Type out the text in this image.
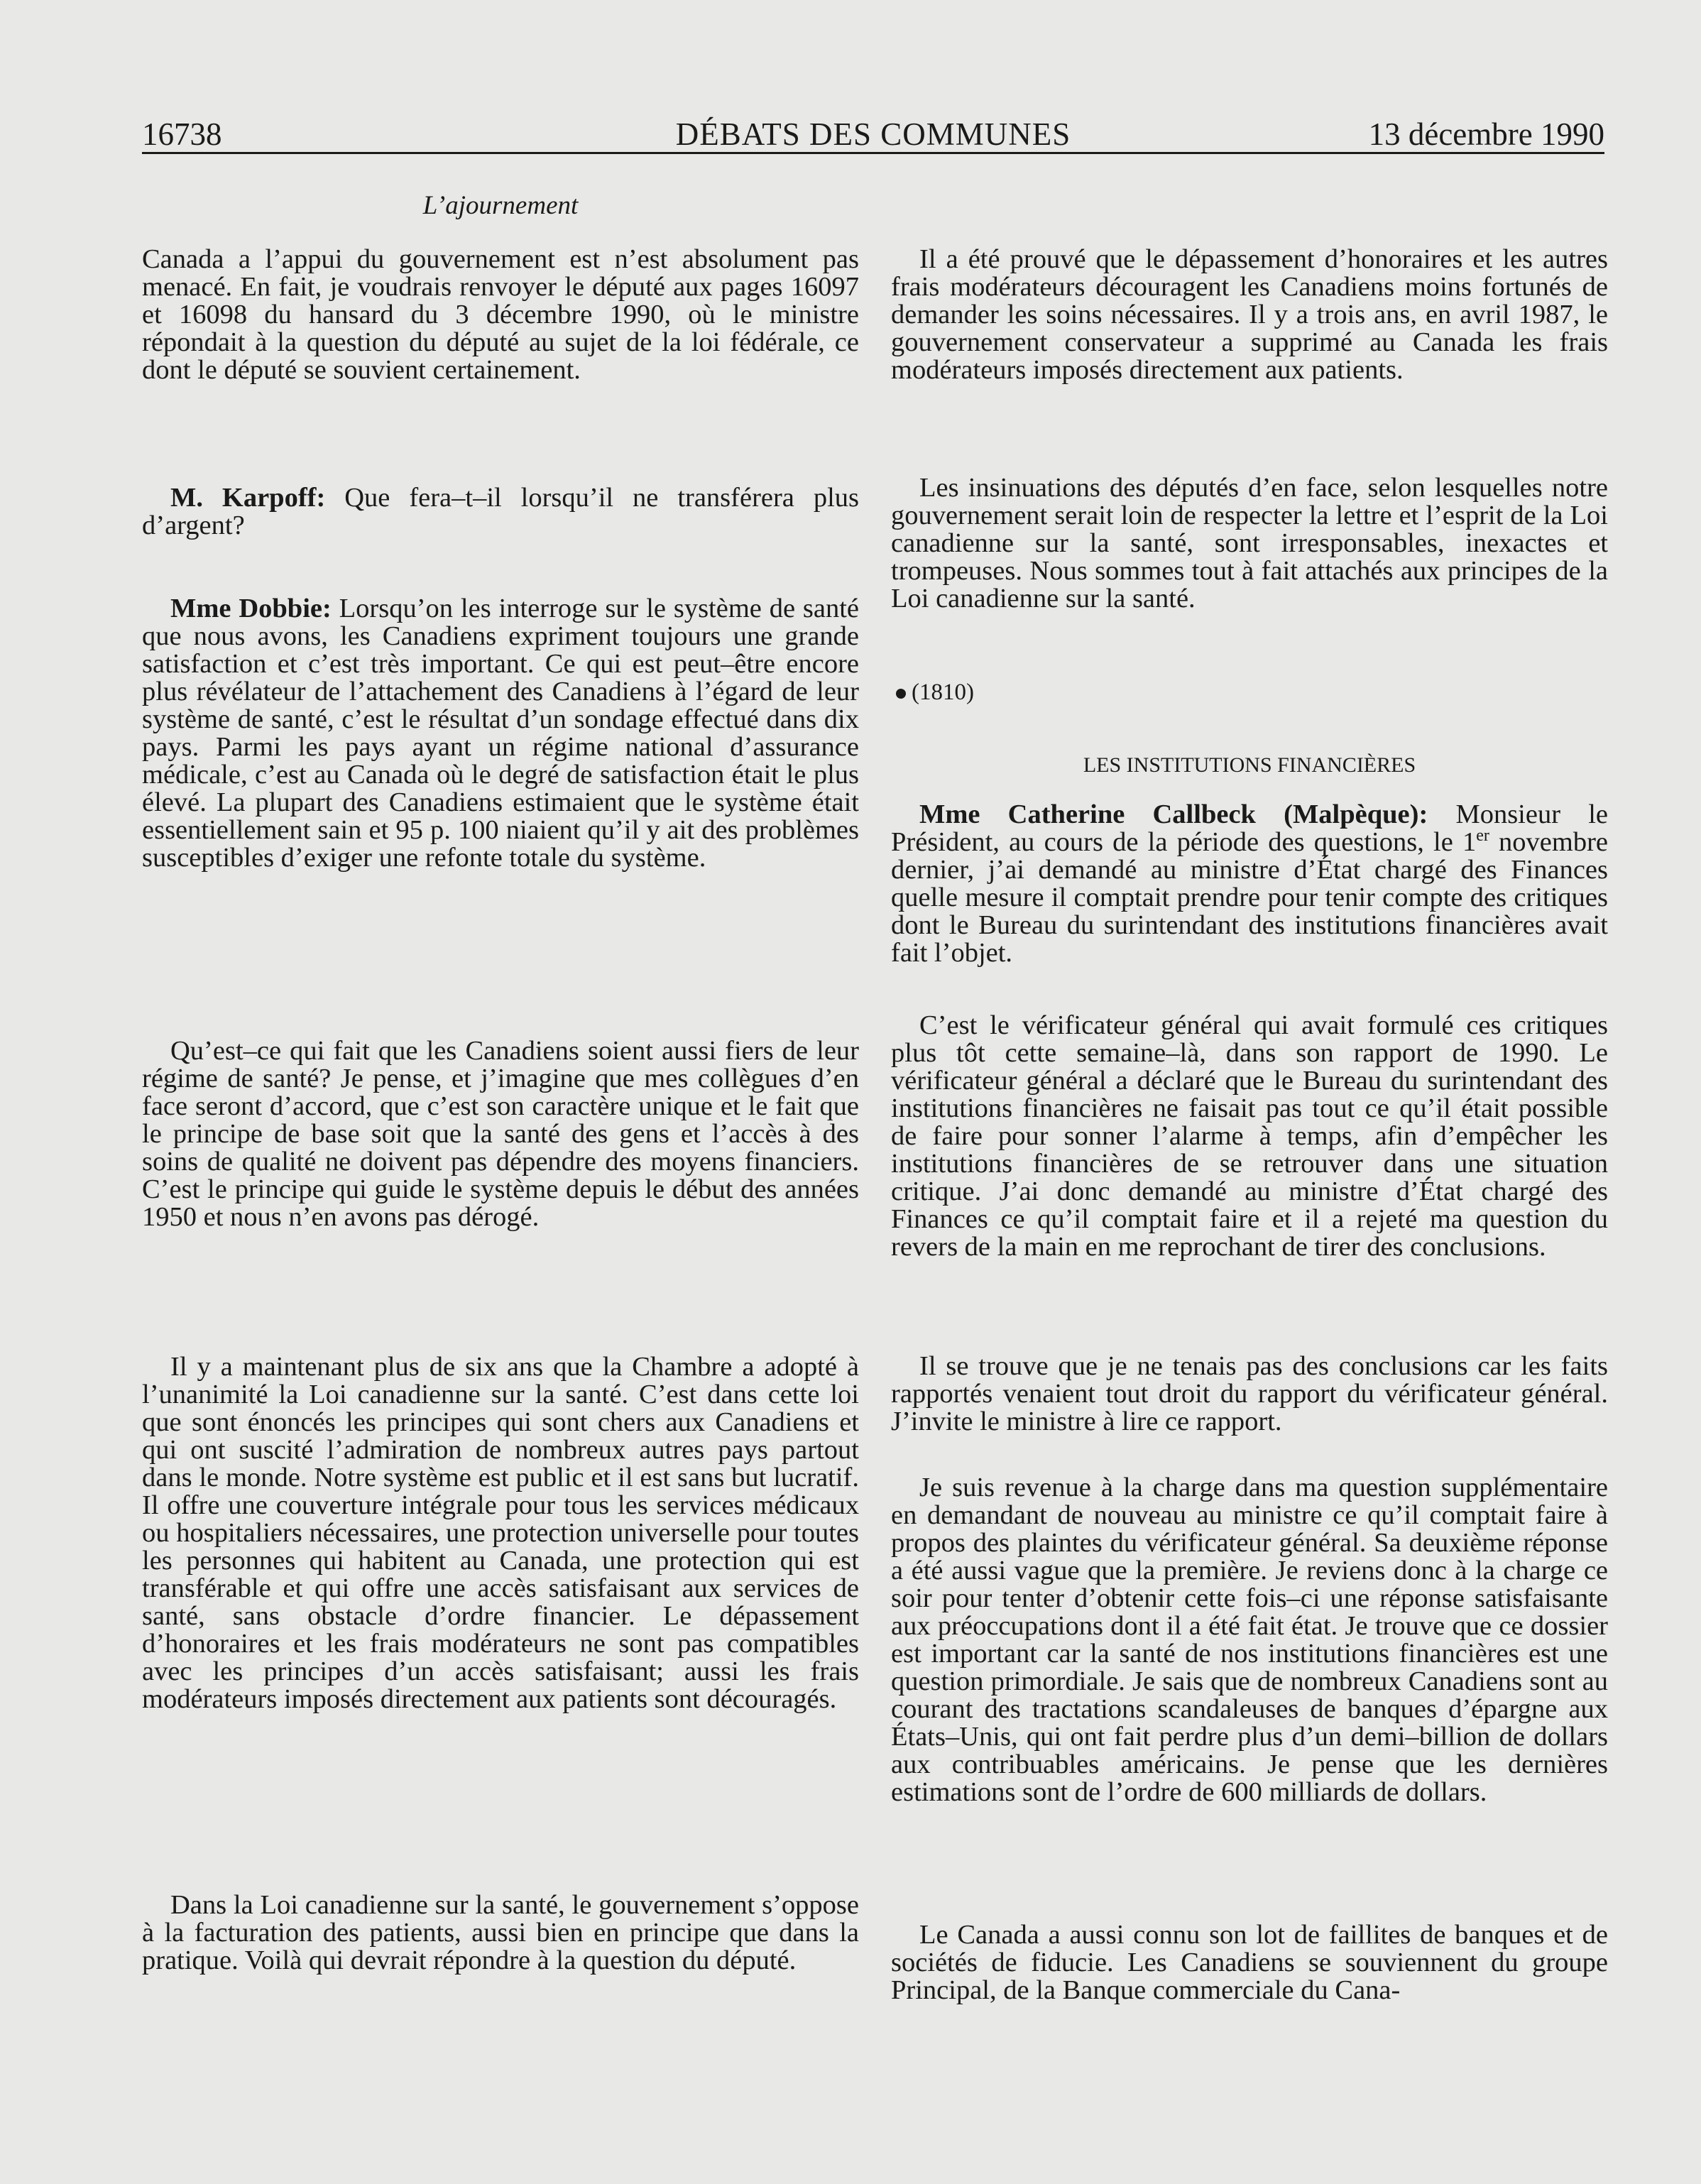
16738	DÉBATS DES COMMUNES	13 décembre 1990
L’ajournement

Canada a l’appui du gouvernement est n’est absolument pas menacé. En fait, je voudrais renvoyer le député aux pages 16097 et 16098 du hansard du 3 décembre 1990, où le ministre répondait à la question du député au sujet de la loi fédérale, ce dont le député se souvient certainement.

M. Karpoff: Que fera–t–il lorsqu’il ne transférera plus d’argent?

Mme Dobbie: Lorsqu’on les interroge sur le système de santé que nous avons, les Canadiens expriment toujours une grande satisfaction et c’est très important. Ce qui est peut–être encore plus révélateur de l’attachement des Canadiens à l’égard de leur système de santé, c’est le résultat d’un sondage effectué dans dix pays. Parmi les pays ayant un régime national d’assurance médicale, c’est au Canada où le degré de satisfaction était le plus élevé. La plupart des Canadiens estimaient que le système était essentiellement sain et 95 p. 100 niaient qu’il y ait des problèmes susceptibles d’exiger une refonte totale du système.

Qu’est–ce qui fait que les Canadiens soient aussi fiers de leur régime de santé? Je pense, et j’imagine que mes collègues d’en face seront d’accord, que c’est son caractère unique et le fait que le principe de base soit que la santé des gens et l’accès à des soins de qualité ne doivent pas dépendre des moyens financiers. C’est le principe qui guide le système depuis le début des années 1950 et nous n’en avons pas dérogé.

Il y a maintenant plus de six ans que la Chambre a adopté à l’unanimité la Loi canadienne sur la santé. C’est dans cette loi que sont énoncés les principes qui sont chers aux Canadiens et qui ont suscité l’admiration de nombreux autres pays partout dans le monde. Notre système est public et il est sans but lucratif. Il offre une couverture intégrale pour tous les services médicaux ou hospitaliers nécessaires, une protection universelle pour toutes les personnes qui habitent au Canada, une protection qui est transférable et qui offre une accès satisfaisant aux services de santé, sans obstacle d’ordre financier. Le dépassement d’honoraires et les frais modérateurs ne sont pas compatibles avec les principes d’un accès satisfaisant; aussi les frais modérateurs imposés directement aux patients sont découragés.

Dans la Loi canadienne sur la santé, le gouvernement s’oppose à la facturation des patients, aussi bien en principe que dans la pratique. Voilà qui devrait répondre à la question du député.

Il a été prouvé que le dépassement d’honoraires et les autres frais modérateurs découragent les Canadiens moins fortunés de demander les soins nécessaires. Il y a trois ans, en avril 1987, le gouvernement conservateur a supprimé au Canada les frais modérateurs imposés directement aux patients.

Les insinuations des députés d’en face, selon lesquelles notre gouvernement serait loin de respecter la lettre et l’esprit de la Loi canadienne sur la santé, sont irresponsables, inexactes et trompeuses. Nous sommes tout à fait attachés aux principes de la Loi canadienne sur la santé.

(1810)
LES INSTITUTIONS FINANCIÈRES

Mme Catherine Callbeck (Malpèque): Monsieur le Président, au cours de la période des questions, le 1er novembre dernier, j’ai demandé au ministre d’État chargé des Finances quelle mesure il comptait prendre pour tenir compte des critiques dont le Bureau du surintendant des institutions financières avait fait l’objet.

C’est le vérificateur général qui avait formulé ces critiques plus tôt cette semaine–là, dans son rapport de 1990. Le vérificateur général a déclaré que le Bureau du surintendant des institutions financières ne faisait pas tout ce qu’il était possible de faire pour sonner l’alarme à temps, afin d’empêcher les institutions financières de se retrouver dans une situation critique. J’ai donc demandé au ministre d’État chargé des Finances ce qu’il comptait faire et il a rejeté ma question du revers de la main en me reprochant de tirer des conclusions.

Il se trouve que je ne tenais pas des conclusions car les faits rapportés venaient tout droit du rapport du vérificateur général. J’invite le ministre à lire ce rapport.

Je suis revenue à la charge dans ma question supplémentaire en demandant de nouveau au ministre ce qu’il comptait faire à propos des plaintes du vérificateur général. Sa deuxième réponse a été aussi vague que la première. Je reviens donc à la charge ce soir pour tenter d’obtenir cette fois–ci une réponse satisfaisante aux préoccupations dont il a été fait état. Je trouve que ce dossier est important car la santé de nos institutions financières est une question primordiale. Je sais que de nombreux Canadiens sont au courant des tractations scandaleuses de banques d’épargne aux États–Unis, qui ont fait perdre plus d’un demi–billion de dollars aux contribuables américains. Je pense que les dernières estimations sont de l’ordre de 600 milliards de dollars.

Le Canada a aussi connu son lot de faillites de banques et de sociétés de fiducie. Les Canadiens se souviennent du groupe Principal, de la Banque commerciale du Cana-
